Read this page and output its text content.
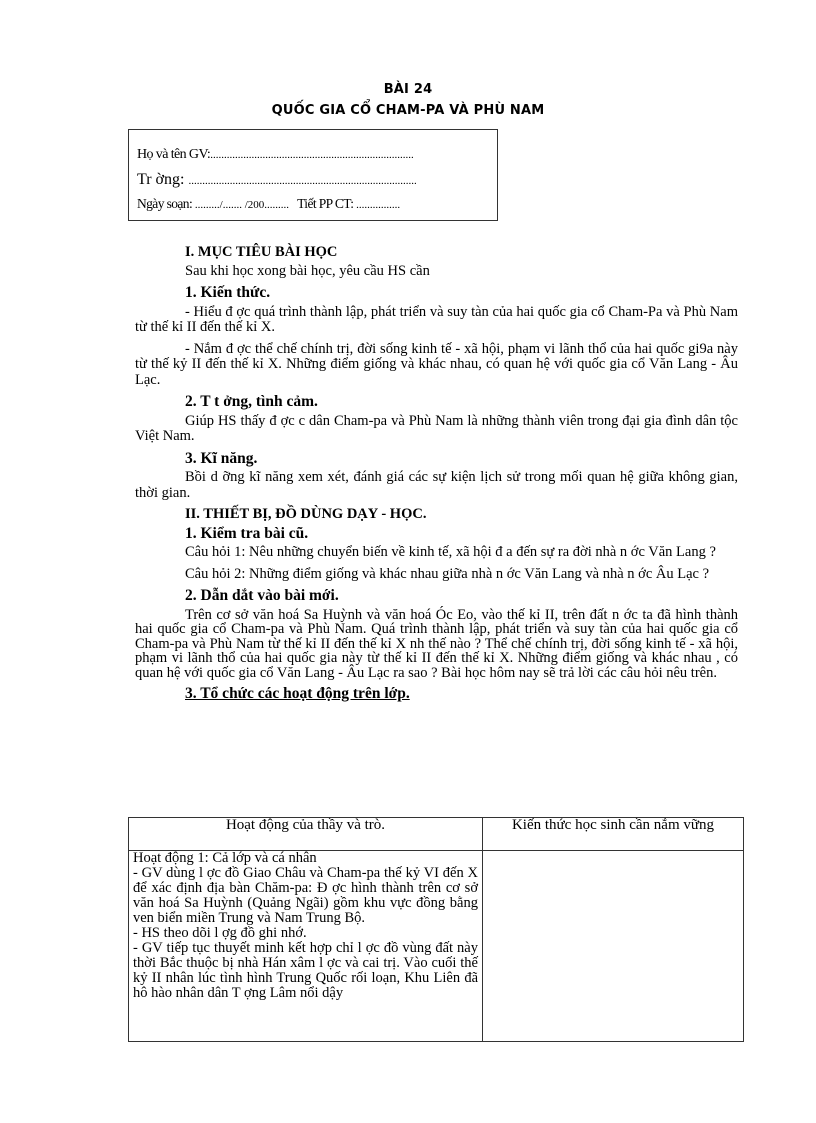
BÀI 24
QUỐC GIA CỔ CHAM-PA VÀ PHÙ NAM
Họ và tên GV:..........................................................................
Tr ờng: ...................................................................................
Ngày soạn: ........./....... /200......... Tiết PP CT: ................
I. MỤC TIÊU BÀI HỌC
Sau khi học xong bài học, yêu cầu HS cần
1. Kiến thức.

- Hiểu đ ợc quá trình thành lập, phát triển và suy tàn của hai quốc gia cổ Cham-Pa và Phù Nam từ thế kỉ II đến thế kỉ X.

- Nắm đ ợc thể chế chính trị, đời sống kinh tế - xã hội, phạm vi lãnh thổ của hai quốc gi9a này từ thế kỷ II đến thế kỉ X. Những điểm giống và khác nhau, có quan hệ với quốc gia cổ Văn Lang - Âu Lạc.

2. T t ởng, tình cảm.

Giúp HS thấy đ ợc c dân Cham-pa và Phù Nam là những thành viên trong đại gia đình dân tộc Việt Nam.

3. Kĩ năng.

Bồi d ỡng kĩ năng xem xét, đánh giá các sự kiện lịch sử trong mối quan hệ giữa không gian, thời gian.

II. THIẾT BỊ, ĐỒ DÙNG DẠY - HỌC.
1. Kiểm tra bài cũ.

Câu hỏi 1: Nêu những chuyển biến về kinh tế, xã hội đ a đến sự ra đời nhà n ớc Văn Lang ?

Câu hỏi 2: Những điểm giống và khác nhau giữa nhà n ớc Văn Lang và nhà n ớc Âu Lạc ?

2. Dẫn dắt vào bài mới.

Trên cơ sở văn hoá Sa Huỳnh và văn hoá Óc Eo, vào thế kỉ II, trên đất n ớc ta đã hình thành hai quốc gia cổ Cham-pa và Phù Nam. Quá trình thành lập, phát triển và suy tàn của hai quốc gia cổ Cham-pa và Phù Nam từ thế kỉ II đến thế kỉ X nh thế nào ? Thể chế chính trị, đời sống kinh tế - xã hội, phạm vi lãnh thổ của hai quốc gia này từ thế kỉ II đến thế kỉ X. Những điểm giống và khác nhau , có quan hệ với quốc gia cổ Văn Lang - Âu Lạc ra sao ? Bài học hôm nay sẽ trả lời các câu hỏi nêu trên.

3. Tổ chức các hoạt động trên lớp.
Hoạt động của thầy và trò.	Kiến thức học sinh cần nắm vững

Hoạt động 1: Cả lớp và cá nhân

- GV dùng l ợc đồ Giao Châu và Cham-pa thế kỷ VI đến X để xác định địa bàn Chăm-pa: Đ ợc hình thành trên cơ sở văn hoá Sa Huỳnh (Quảng Ngãi) gồm khu vực đồng bằng ven biển miền Trung và Nam Trung Bộ.

- HS theo dõi l ợg đồ ghi nhớ.

- GV tiếp tục thuyết minh kết hợp chỉ l ợc đồ vùng đất này thời Bắc thuộc bị nhà Hán xâm l ợc và cai trị. Vào cuối thế kỷ II nhân lúc tình hình Trung Quốc rối loạn, Khu Liên đã hô hào nhân dân T ợng Lâm nổi dậy	
